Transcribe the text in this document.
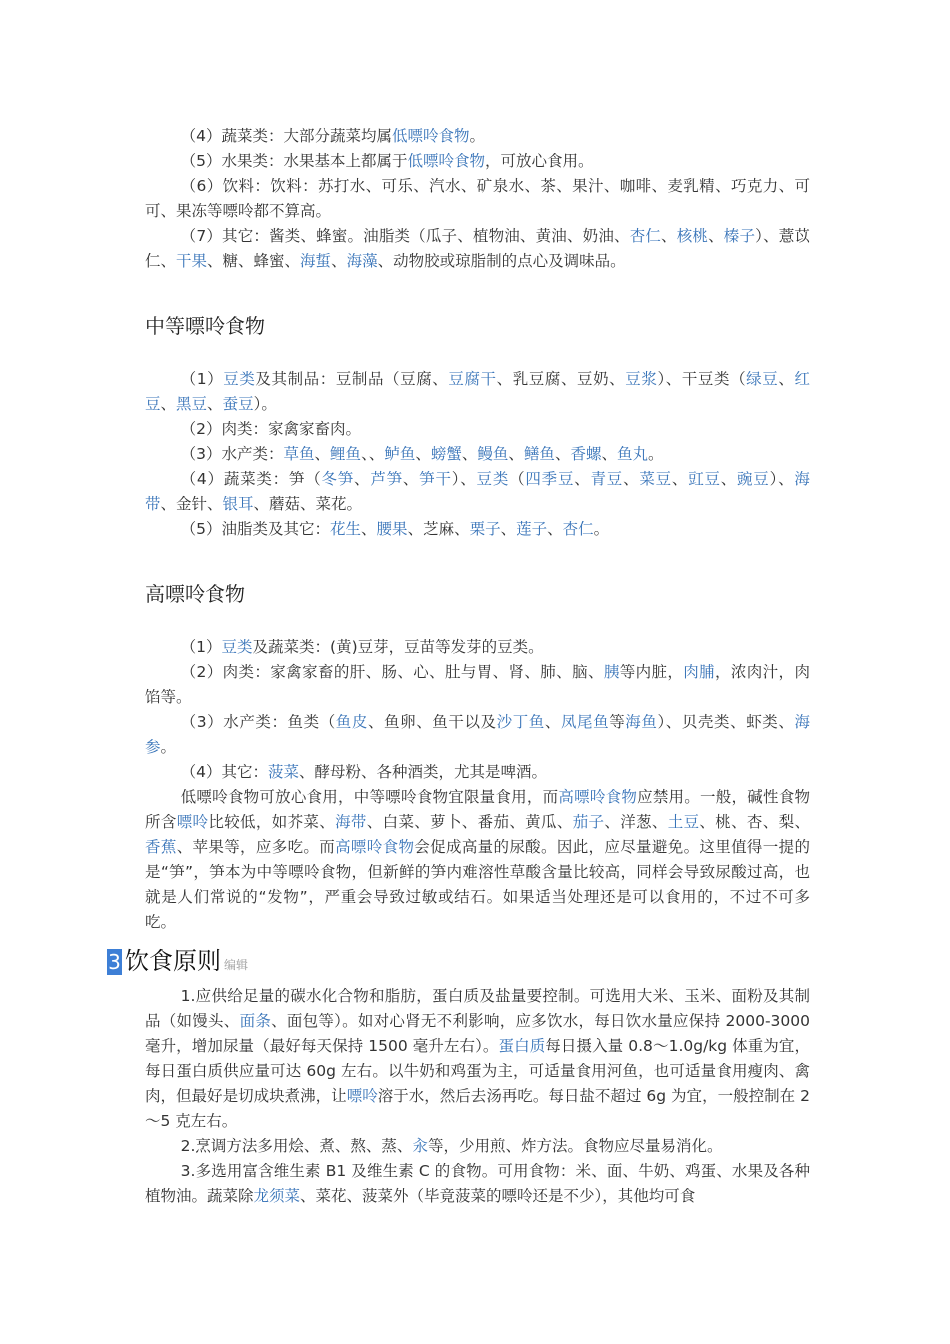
（4）蔬菜类：大部分蔬菜均属低嘌呤食物。

（5）水果类：水果基本上都属于低嘌呤食物，可放心食用。

（6）饮料：饮料：苏打水、可乐、汽水、矿泉水、茶、果汁、咖啡、麦乳精、巧克力、可可、果冻等嘌呤都不算高。

（7）其它：酱类、蜂蜜。油脂类（瓜子、植物油、黄油、奶油、杏仁、核桃、榛子）、薏苡仁、干果、糖、蜂蜜、海蜇、海藻、动物胶或琼脂制的点心及调味品。

中等嘌呤食物

（1）豆类及其制品：豆制品（豆腐、豆腐干、乳豆腐、豆奶、豆浆）、干豆类（绿豆、红豆、黑豆、蚕豆）。

（2）肉类：家禽家畜肉。

（3）水产类：草鱼、鲤鱼、、鲈鱼、螃蟹、鳗鱼、鳝鱼、香螺、鱼丸。

（4）蔬菜类：笋（冬笋、芦笋、笋干）、豆类（四季豆、青豆、菜豆、豇豆、豌豆）、海带、金针、银耳、蘑菇、菜花。

（5）油脂类及其它：花生、腰果、芝麻、栗子、莲子、杏仁。

高嘌呤食物

（1）豆类及蔬菜类：(黄)豆芽，豆苗等发芽的豆类。

（2）肉类：家禽家畜的肝、肠、心、肚与胃、肾、肺、脑、胰等内脏，肉脯，浓肉汁，肉馅等。

（3）水产类：鱼类（鱼皮、鱼卵、鱼干以及沙丁鱼、凤尾鱼等海鱼）、贝壳类、虾类、海参。

（4）其它：菠菜、酵母粉、各种酒类，尤其是啤酒。

低嘌呤食物可放心食用，中等嘌呤食物宜限量食用，而高嘌呤食物应禁用。一般，碱性食物所含嘌呤比较低，如芥菜、海带、白菜、萝卜、番茄、黄瓜、茄子、洋葱、土豆、桃、杏、梨、香蕉、苹果等，应多吃。而高嘌呤食物会促成高量的尿酸。因此，应尽量避免。这里值得一提的是“笋”，笋本为中等嘌呤食物，但新鲜的笋内难溶性草酸含量比较高，同样会导致尿酸过高，也就是人们常说的“发物”，严重会导致过敏或结石。如果适当处理还是可以食用的，不过不可多吃。

3 饮食原则 编辑

1.应供给足量的碳水化合物和脂肪，蛋白质及盐量要控制。可选用大米、玉米、面粉及其制品（如馒头、面条、面包等）。如对心肾无不利影响，应多饮水，每日饮水量应保持 2000-3000 毫升，增加尿量（最好每天保持 1500 毫升左右）。蛋白质每日摄入量 0.8～1.0g/kg 体重为宜，每日蛋白质供应量可达 60g 左右。以牛奶和鸡蛋为主，可适量食用河鱼，也可适量食用瘦肉、禽肉，但最好是切成块煮沸，让嘌呤溶于水，然后去汤再吃。每日盐不超过 6g 为宜，一般控制在 2～5 克左右。

2.烹调方法多用烩、煮、熬、蒸、汆等，少用煎、炸方法。食物应尽量易消化。

3.多选用富含维生素 B1 及维生素 C 的食物。可用食物：米、面、牛奶、鸡蛋、水果及各种植物油。蔬菜除龙须菜、菜花、菠菜外（毕竟菠菜的嘌呤还是不少），其他均可食
